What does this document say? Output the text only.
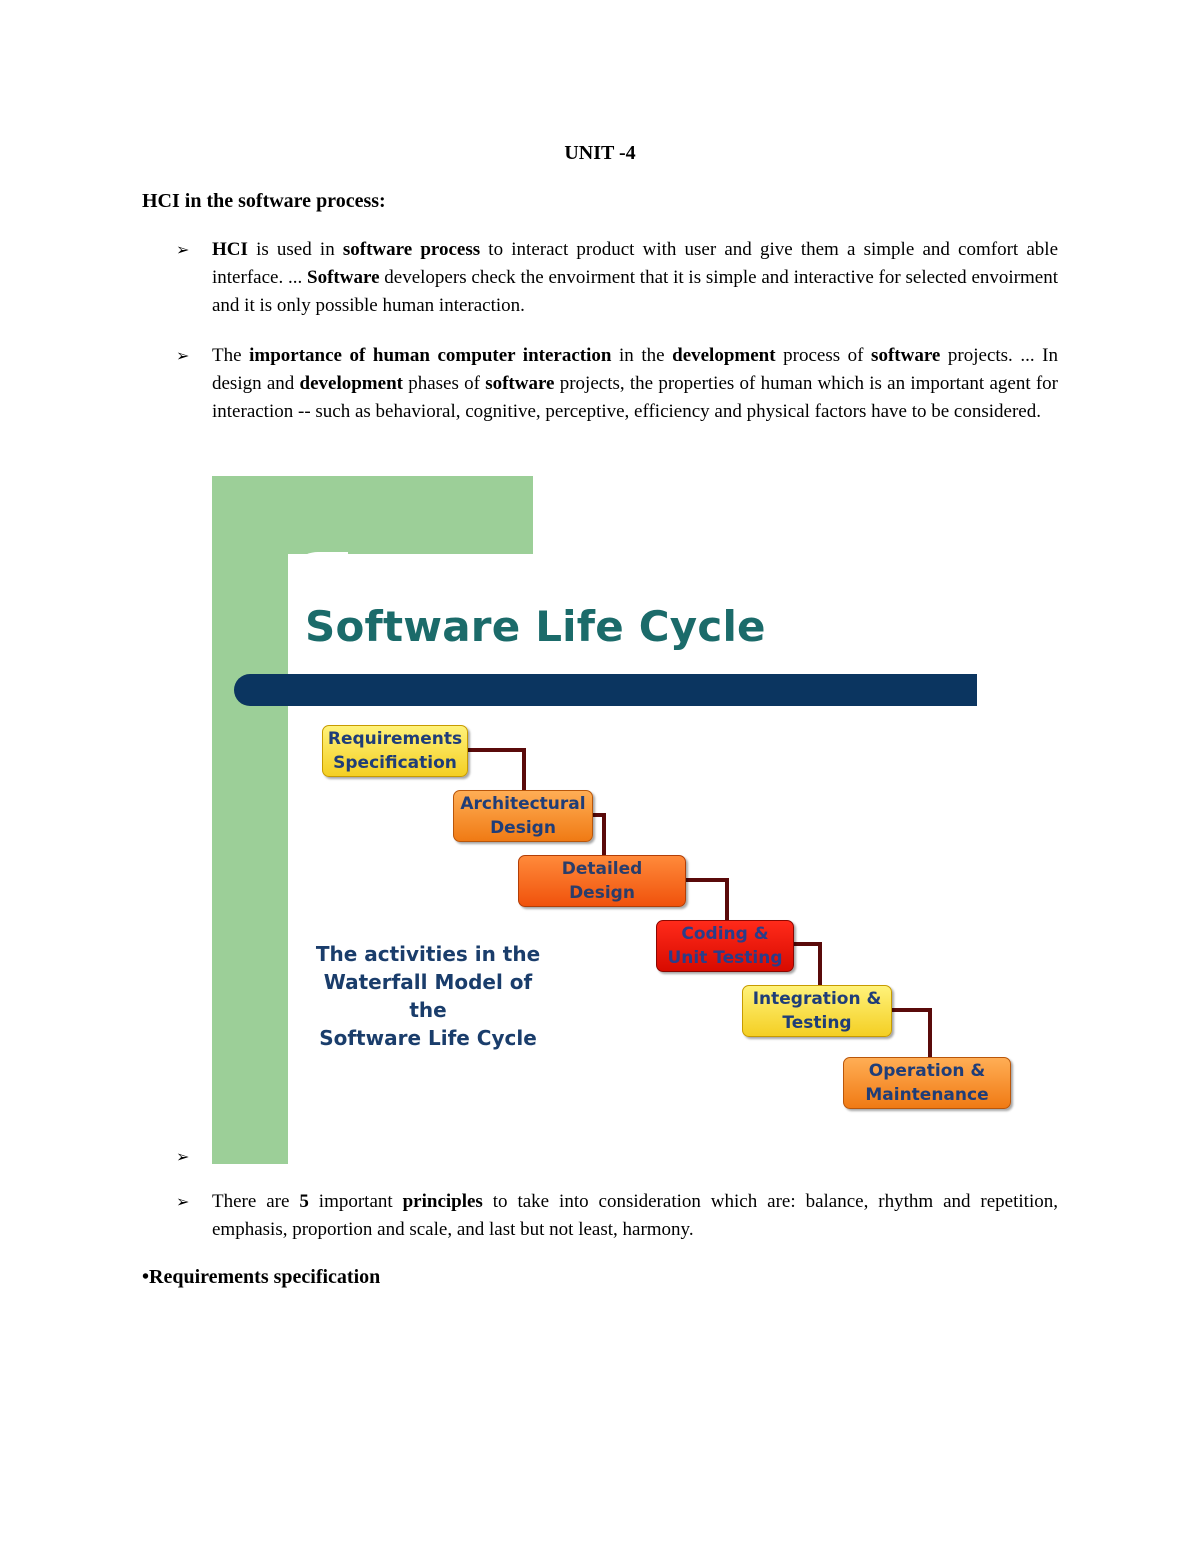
UNIT -4
HCI in the software process:
➢ HCI is used in software process to interact product with user and give them a simple and comfort able interface. ... Software developers check the envoirment that it is simple and interactive for selected envoirment and it is only possible human interaction.
➢ The importance of human computer interaction in the development process of software projects. ... In design and development phases of software projects, the properties of human which is an important agent for interaction -- such as behavioral, cognitive, perceptive, efficiency and physical factors have to be considered.
Software Life Cycle
Requirements
Specification
Architectural
Design
Detailed
Design
Coding &
Unit Testing
Integration &
Testing
Operation &
Maintenance
The activities in the
Waterfall Model of the
Software Life Cycle
➢
➢ There are 5 important principles to take into consideration which are: balance, rhythm and repetition, emphasis, proportion and scale, and last but not least, harmony.
•Requirements specification
